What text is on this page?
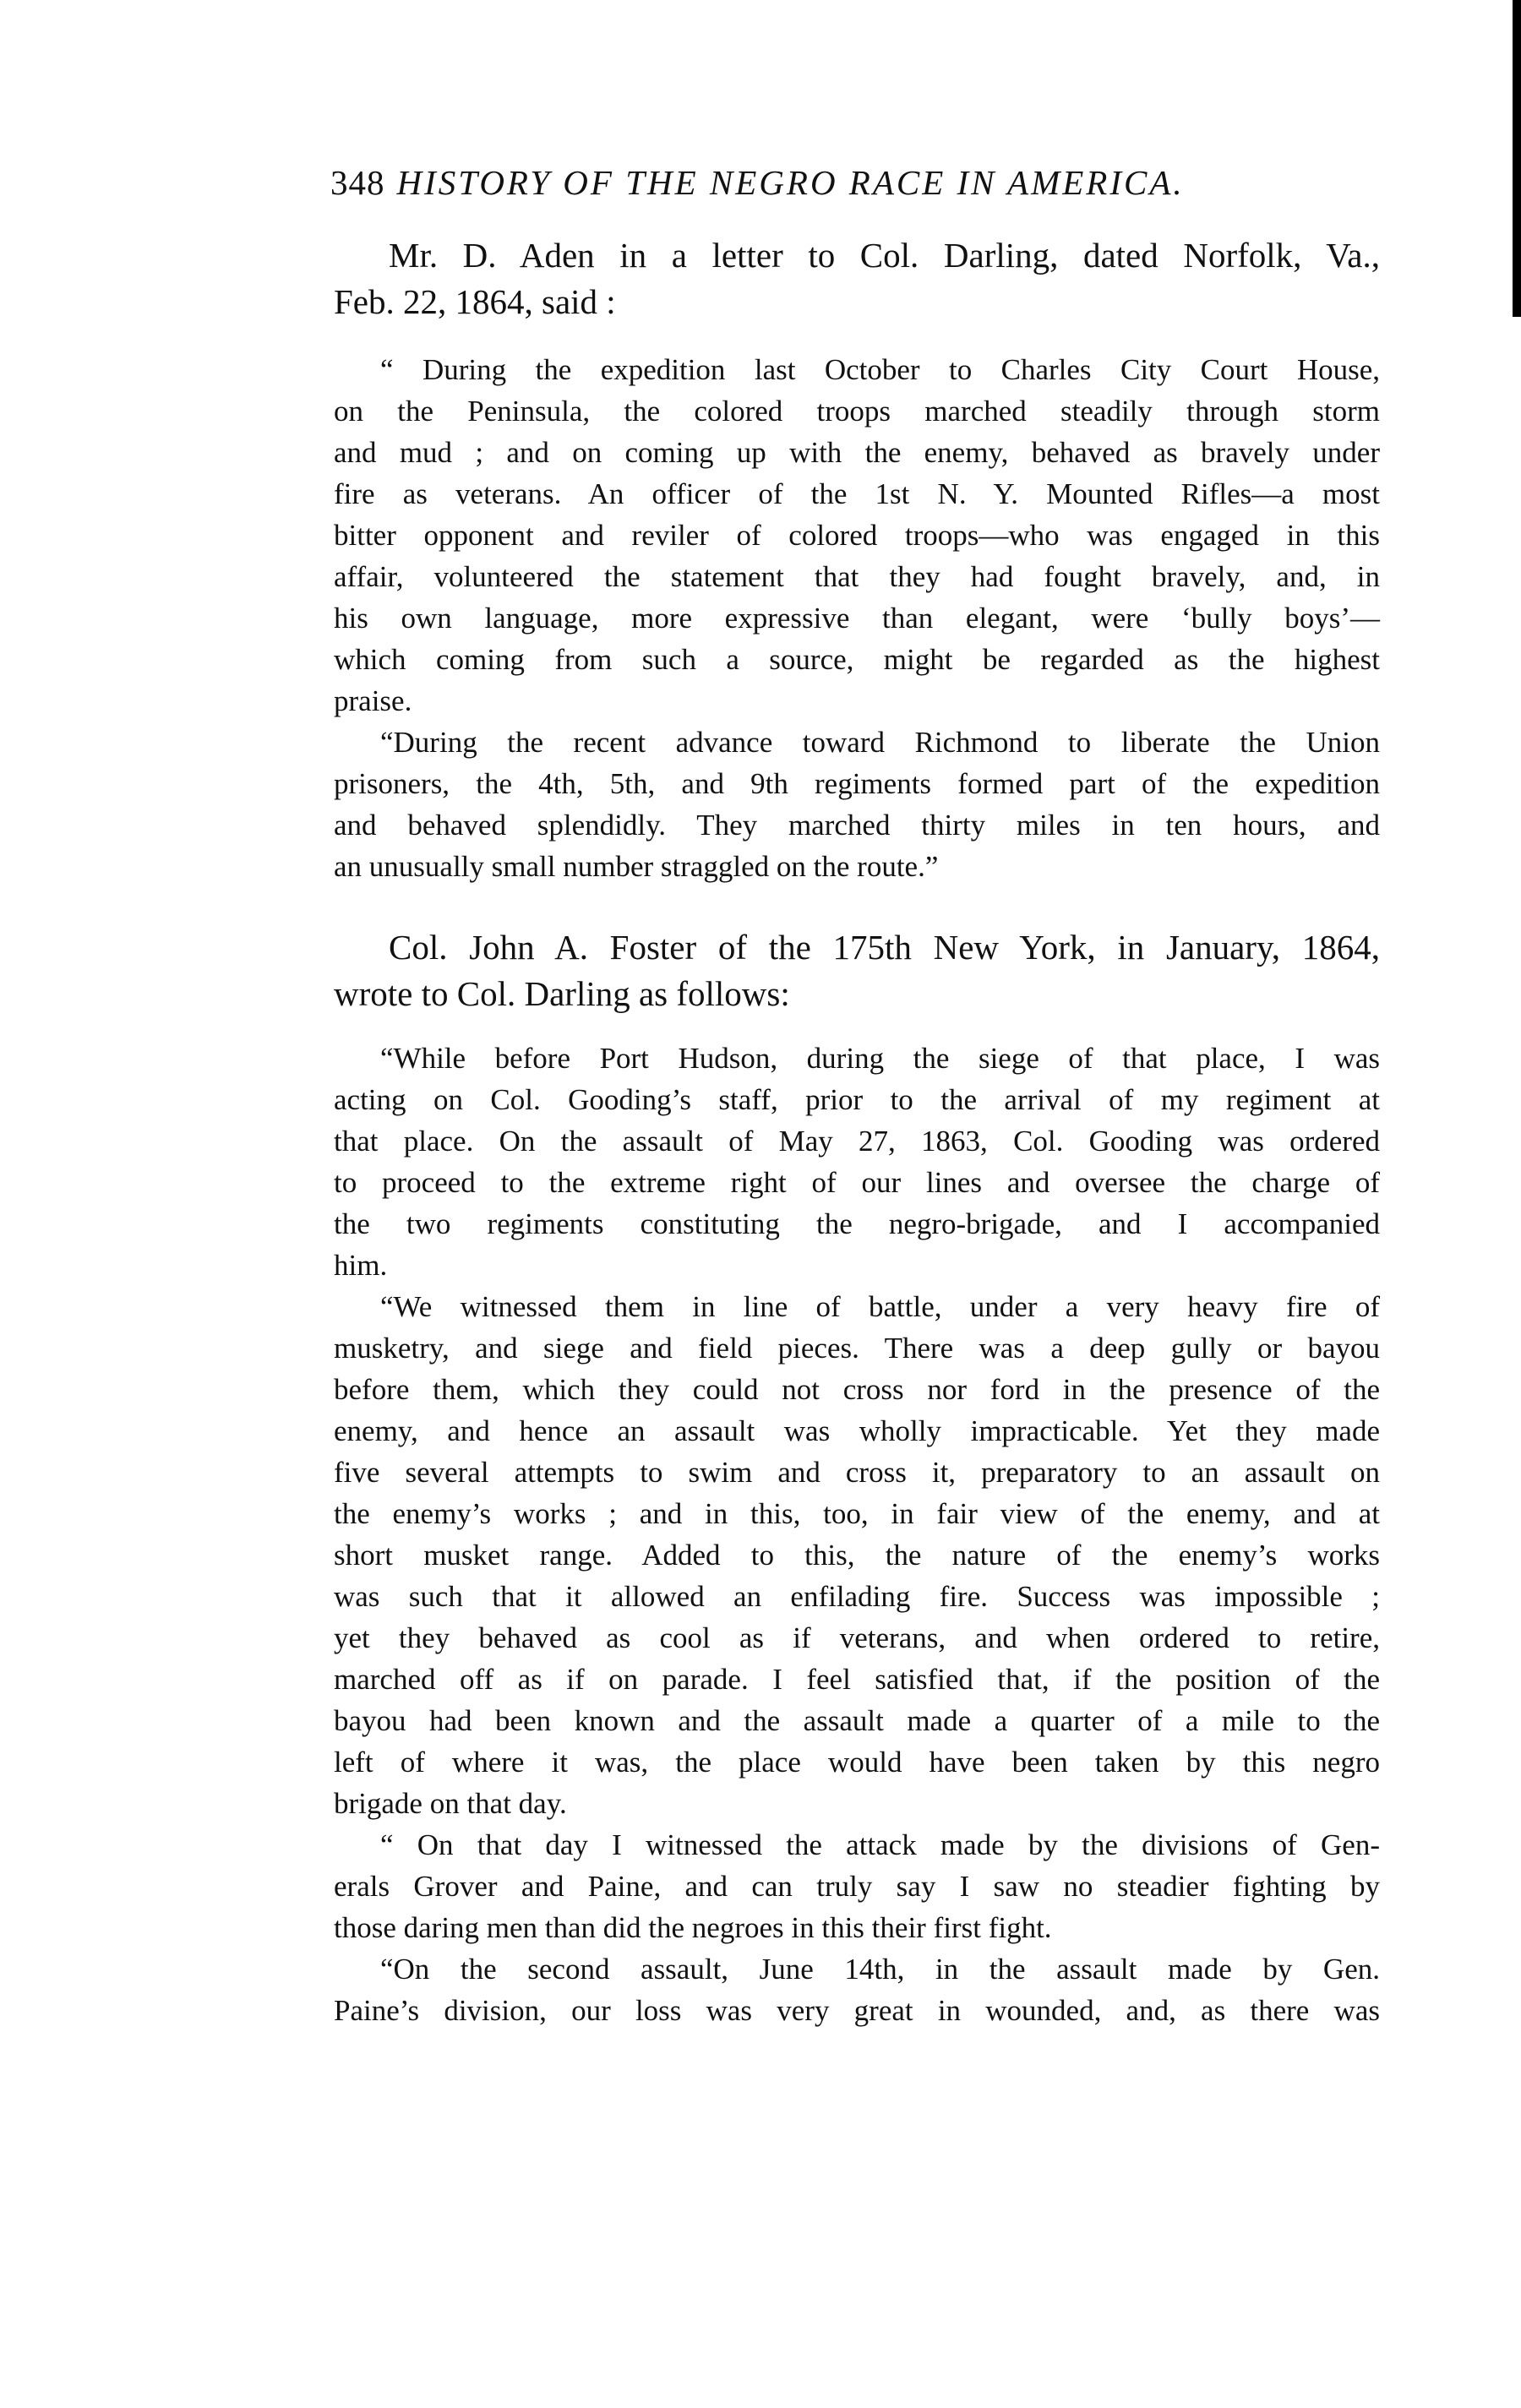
348 HISTORY OF THE NEGRO RACE IN AMERICA.
Mr. D. Aden in a letter to Col. Darling, dated Norfolk, Va.,
Feb. 22, 1864, said :
“ During the expedition last October to Charles City Court House,
on the Peninsula, the colored troops marched steadily through storm
and mud ; and on coming up with the enemy, behaved as bravely under
fire as veterans. An officer of the 1st N. Y. Mounted Rifles—a most
bitter opponent and reviler of colored troops—who was engaged in this
affair, volunteered the statement that they had fought bravely, and, in
his own language, more expressive than elegant, were ‘bully boys’—
which coming from such a source, might be regarded as the highest
praise.
“During the recent advance toward Richmond to liberate the Union
prisoners, the 4th, 5th, and 9th regiments formed part of the expedition
and behaved splendidly. They marched thirty miles in ten hours, and
an unusually small number straggled on the route.”
Col. John A. Foster of the 175th New York, in January, 1864,
wrote to Col. Darling as follows:
“While before Port Hudson, during the siege of that place, I was
acting on Col. Gooding’s staff, prior to the arrival of my regiment at
that place. On the assault of May 27, 1863, Col. Gooding was ordered
to proceed to the extreme right of our lines and oversee the charge of
the two regiments constituting the negro-brigade, and I accompanied
him.
“We witnessed them in line of battle, under a very heavy fire of
musketry, and siege and field pieces. There was a deep gully or bayou
before them, which they could not cross nor ford in the presence of the
enemy, and hence an assault was wholly impracticable. Yet they made
five several attempts to swim and cross it, preparatory to an assault on
the enemy’s works ; and in this, too, in fair view of the enemy, and at
short musket range. Added to this, the nature of the enemy’s works
was such that it allowed an enfilading fire. Success was impossible ;
yet they behaved as cool as if veterans, and when ordered to retire,
marched off as if on parade. I feel satisfied that, if the position of the
bayou had been known and the assault made a quarter of a mile to the
left of where it was, the place would have been taken by this negro
brigade on that day.
“ On that day I witnessed the attack made by the divisions of Gen-
erals Grover and Paine, and can truly say I saw no steadier fighting by
those daring men than did the negroes in this their first fight.
“On the second assault, June 14th, in the assault made by Gen.
Paine’s division, our loss was very great in wounded, and, as there was
